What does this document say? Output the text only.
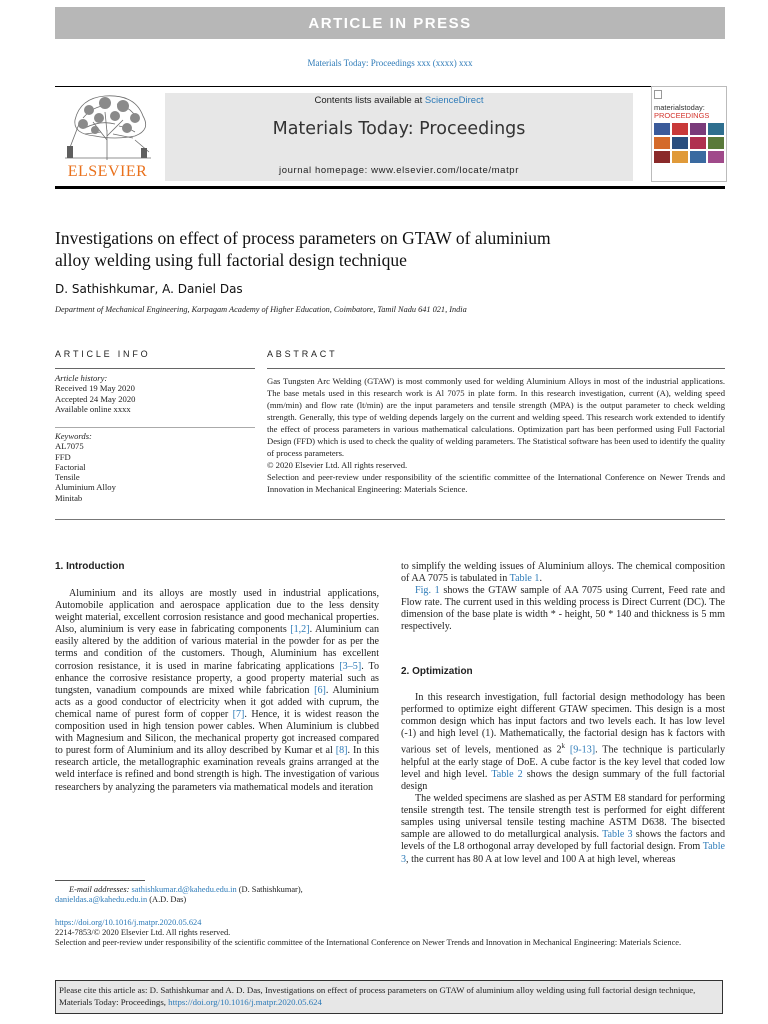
ARTICLE IN PRESS
Materials Today: Proceedings xxx (xxxx) xxx
ELSEVIER
Contents lists available at ScienceDirect
Materials Today: Proceedings
journal homepage: www.elsevier.com/locate/matpr
materialstoday:
PROCEEDINGS
Investigations on effect of process parameters on GTAW of aluminium
alloy welding using full factorial design technique
D. Sathishkumar, A. Daniel Das
Department of Mechanical Engineering, Karpagam Academy of Higher Education, Coimbatore, Tamil Nadu 641 021, India
ARTICLE INFO
Article history:
Received 19 May 2020
Accepted 24 May 2020
Available online xxxx
Keywords:
AL7075
FFD
Factorial
Tensile
Aluminium Alloy
Minitab
ABSTRACT

Gas Tungsten Arc Welding (GTAW) is most commonly used for welding Aluminium Alloys in most of the industrial applications. The base metals used in this research work is Al 7075 in plate form. In this research investigation, current (A), welding speed (mm/min) and flow rate (lt/min) are the input parameters and tensile strength (MPA) is the output parameter to check welding strength. Generally, this type of welding depends largely on the current and welding speed. This research work extended to identify the effect of process parameters in various mathematical calculations. Optimization part has been performed using Full Factorial Design (FFD) which is used to check the quality of welding parameters. The Statistical software has been used to identify the quality of process parameters.

© 2020 Elsevier Ltd. All rights reserved.

Selection and peer-review under responsibility of the scientific committee of the International Conference on Newer Trends and Innovation in Mechanical Engineering: Materials Science.

1. Introduction

Aluminium and its alloys are mostly used in industrial applications, Automobile application and aerospace application due to the less density weight material, excellent corrosion resistance and good mechanical properties. Also, aluminium is very ease in fabricating components [1,2]. Aluminium can easily altered by the addition of various material in the powder for as per the terms and condition of the customers. Though, Aluminium has excellent corrosion resistance, it is used in marine fabricating applications [3–5]. To enhance the corrosive resistance property, a good property material such as tungsten, vanadium compounds are mixed while fabrication [6]. Aluminium acts as a good conductor of electricity when it got added with cuprum, the chemical name of purest form of copper [7]. Hence, it is widest reason the composition used in high tension power cables. When Aluminium is clubbed with Magnesium and Silicon, the mechanical property got increased compared to purest form of Aluminium and its alloy described by Kumar et al [8]. In this research article, the metallographic examination reveals grains arranged at the weld interface is refined and bond strength is high. The investigation of various researchers by analyzing the parameters via mathematical models and iteration

to simplify the welding issues of Aluminium alloys. The chemical composition of AA 7075 is tabulated in Table 1.

Fig. 1 shows the GTAW sample of AA 7075 using Current, Feed rate and Flow rate. The current used in this welding process is Direct Current (DC). The dimension of the base plate is width * - height, 50 * 140 and thickness is 5 mm respectively.

2. Optimization

In this research investigation, full factorial design methodology has been performed to optimize eight different GTAW specimen. This design is a most common design which has input factors and two levels each. It has low level (-1) and high level (1). Mathematically, the factorial design has k factors with various set of levels, mentioned as 2$^k$ [9-13]. The technique is particularly helpful at the early stage of DoE. A cube factor is the key level that coded low level and high level. Table 2 shows the design summary of the full factorial design

The welded specimens are slashed as per ASTM E8 standard for performing tensile strength test. The tensile strength test is performed for eight different samples using universal tensile testing machine ASTM D638. The bisected sample are allowed to do metallurgical analysis. Table 3 shows the factors and levels of the L8 orthogonal array developed by full factorial design. From Table 3, the current has 80 A at low level and 100 A at high level, whereas

E-mail addresses: sathishkumar.d@kahedu.edu.in (D. Sathishkumar), danieldas.a@kahedu.edu.in (A.D. Das)
https://doi.org/10.1016/j.matpr.2020.05.624
2214-7853/© 2020 Elsevier Ltd. All rights reserved.
Selection and peer-review under responsibility of the scientific committee of the International Conference on Newer Trends and Innovation in Mechanical Engineering: Materials Science.
Please cite this article as: D. Sathishkumar and A. D. Das, Investigations on effect of process parameters on GTAW of aluminium alloy welding using full factorial design technique, Materials Today: Proceedings, https://doi.org/10.1016/j.matpr.2020.05.624
